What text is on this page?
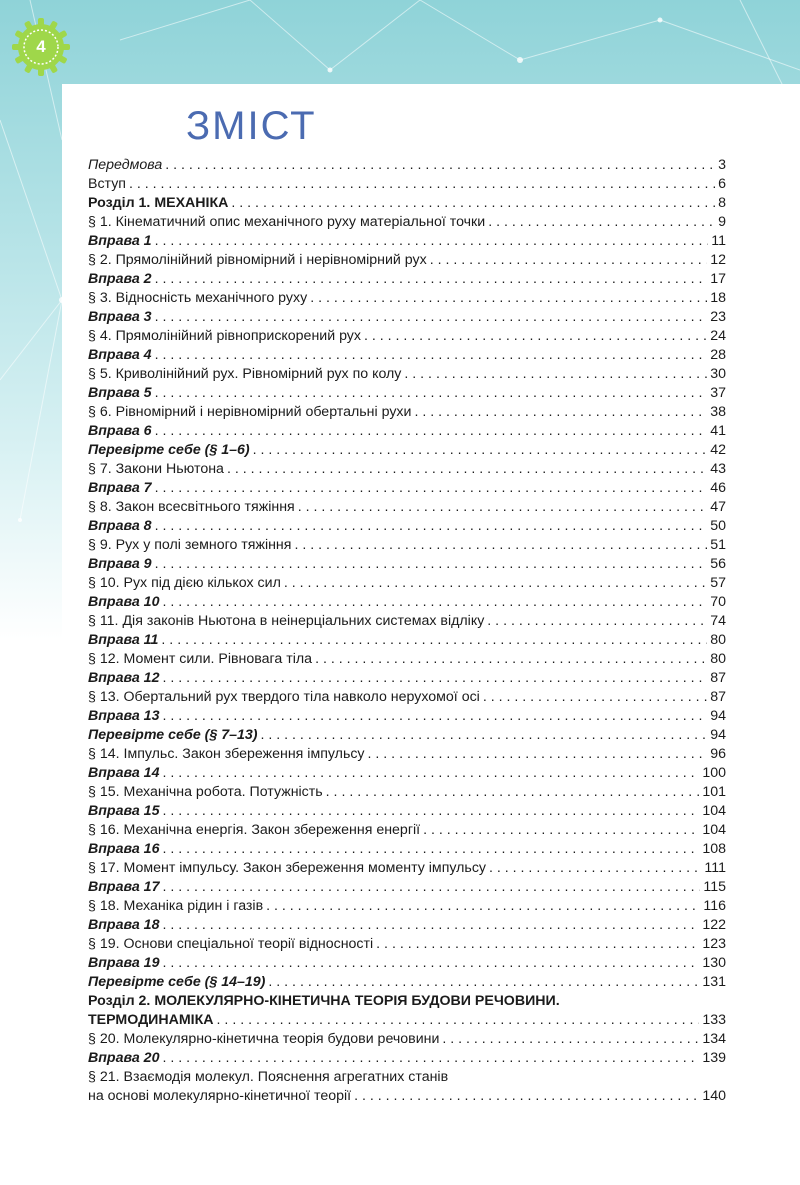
4
ЗМІСТ
Передмова . . .	3
Вступ . . .	6
Розділ 1. МЕХАНІКА . . .	8
§ 1. Кінематичний опис механічного руху матеріальної точки . . .	9
Вправа 1 . . .	11
§ 2. Прямолінійний рівномірний і нерівномірний рух . . .	12
Вправа 2 . . .	17
§ 3. Відносність механічного руху . . .	18
Вправа 3 . . .	23
§ 4. Прямолінійний рівноприскорений рух . . .	24
Вправа 4 . . .	28
§ 5. Криволінійний рух. Рівномірний рух по колу . . .	30
Вправа 5 . . .	37
§ 6. Рівномірний і нерівномірний обертальні рухи . . .	38
Вправа 6 . . .	41
Перевірте себе (§ 1–6) . . .	42
§ 7. Закони Ньютона . . .	43
Вправа 7 . . .	46
§ 8. Закон всесвітнього тяжіння . . .	47
Вправа 8 . . .	50
§ 9. Рух у полі земного тяжіння . . .	51
Вправа 9 . . .	56
§ 10. Рух під дією кількох сил . . .	57
Вправа 10 . . .	70
§ 11. Дія законів Ньютона в неінерціальних системах відліку . . .	74
Вправа 11 . . .	80
§ 12. Момент сили. Рівновага тіла . . .	80
Вправа 12 . . .	87
§ 13. Обертальний рух твердого тіла навколо нерухомої осі . . .	87
Вправа 13 . . .	94
Перевірте себе (§ 7–13) . . .	94
§ 14. Імпульс. Закон збереження імпульсу . . .	96
Вправа 14 . . .	100
§ 15. Механічна робота. Потужність . . .	101
Вправа 15 . . .	104
§ 16. Механічна енергія. Закон збереження енергії . . .	104
Вправа 16 . . .	108
§ 17. Момент імпульсу. Закон збереження моменту імпульсу . . .	111
Вправа 17 . . .	115
§ 18. Механіка рідин і газів . . .	116
Вправа 18 . . .	122
§ 19. Основи спеціальної теорії відносності . . .	123
Вправа 19 . . .	130
Перевірте себе (§ 14–19) . . .	131
Розділ 2. МОЛЕКУЛЯРНО-КІНЕТИЧНА ТЕОРІЯ БУДОВИ РЕЧОВИНИ.
ТЕРМОДИНАМІКА . . .	133
§ 20. Молекулярно-кінетична теорія будови речовини . . .	134
Вправа 20 . . .	139
§ 21. Взаємодія молекул. Пояснення агрегатних станів
на основі молекулярно-кінетичної теорії . . .	140
